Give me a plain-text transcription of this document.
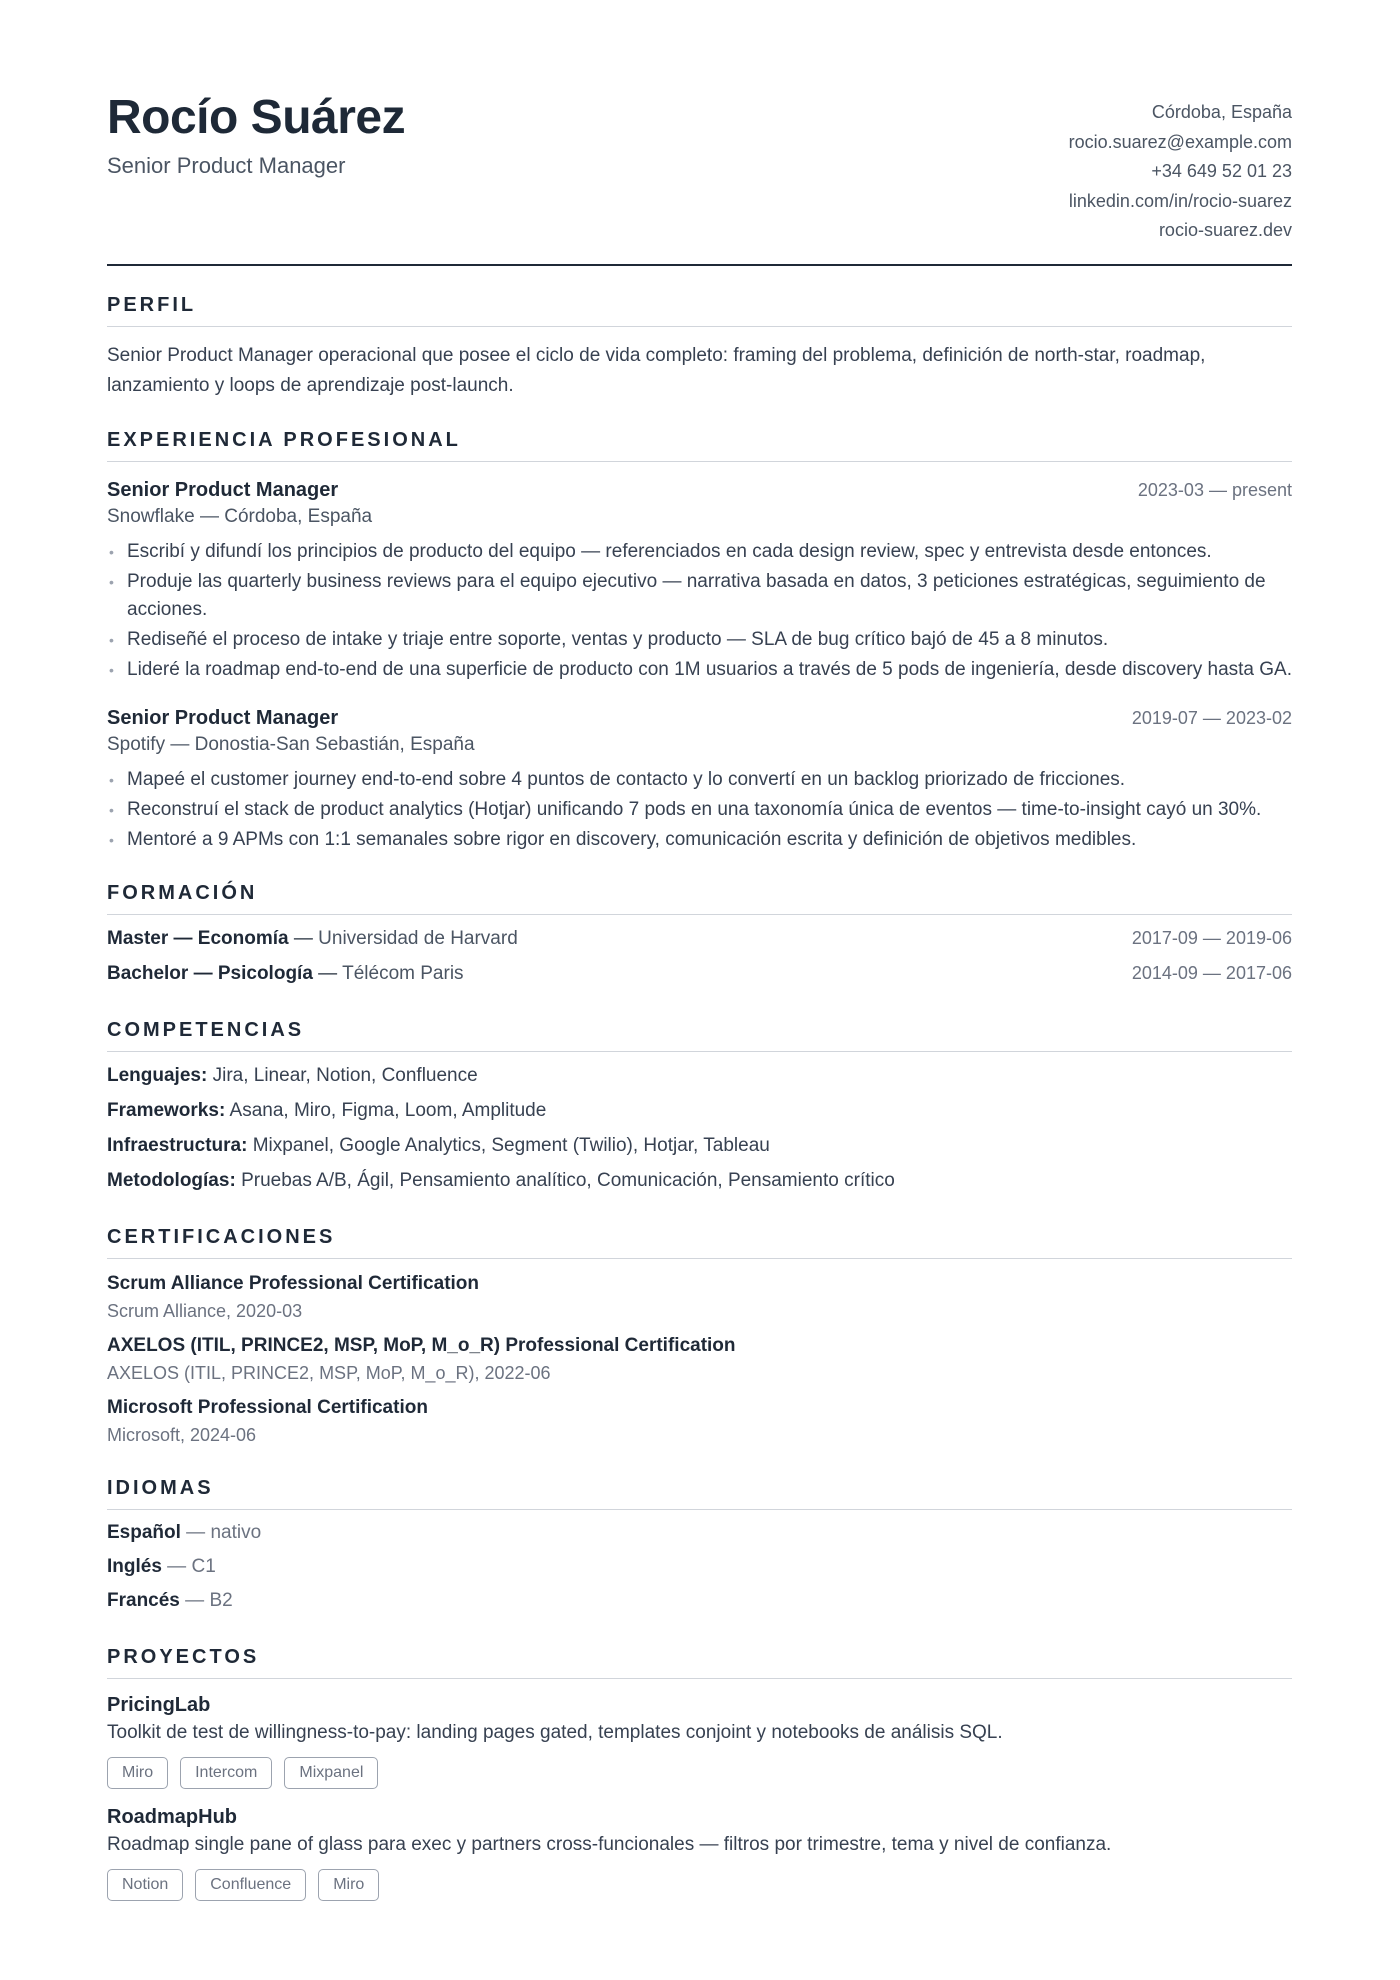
Rocío Suárez
Senior Product Manager
Córdoba, España
rocio.suarez@example.com
+34 649 52 01 23
linkedin.com/in/rocio-suarez
rocio-suarez.dev
PERFIL

Senior Product Manager operacional que posee el ciclo de vida completo: framing del problema, definición de north-star, roadmap, lanzamiento y loops de aprendizaje post-launch.

EXPERIENCIA PROFESIONAL
Senior Product Manager	2023-03 — present
Snowflake — Córdoba, España
• Escribí y difundí los principios de producto del equipo — referenciados en cada design review, spec y entrevista desde entonces.
• Produje las quarterly business reviews para el equipo ejecutivo — narrativa basada en datos, 3 peticiones estratégicas, seguimiento de acciones.
• Rediseñé el proceso de intake y triaje entre soporte, ventas y producto — SLA de bug crítico bajó de 45 a 8 minutos.
• Lideré la roadmap end-to-end de una superficie de producto con 1M usuarios a través de 5 pods de ingeniería, desde discovery hasta GA.
Senior Product Manager	2019-07 — 2023-02
Spotify — Donostia-San Sebastián, España
• Mapeé el customer journey end-to-end sobre 4 puntos de contacto y lo convertí en un backlog priorizado de fricciones.
• Reconstruí el stack de product analytics (Hotjar) unificando 7 pods en una taxonomía única de eventos — time-to-insight cayó un 30%.
• Mentoré a 9 APMs con 1:1 semanales sobre rigor en discovery, comunicación escrita y definición de objetivos medibles.
FORMACIÓN
Master — Economía — Universidad de Harvard	2017-09 — 2019-06
Bachelor — Psicología — Télécom Paris	2014-09 — 2017-06
COMPETENCIAS
Lenguajes: Jira, Linear, Notion, Confluence
Frameworks: Asana, Miro, Figma, Loom, Amplitude
Infraestructura: Mixpanel, Google Analytics, Segment (Twilio), Hotjar, Tableau
Metodologías: Pruebas A/B, Ágil, Pensamiento analítico, Comunicación, Pensamiento crítico
CERTIFICACIONES
Scrum Alliance Professional Certification
Scrum Alliance, 2020-03
AXELOS (ITIL, PRINCE2, MSP, MoP, M_o_R) Professional Certification
AXELOS (ITIL, PRINCE2, MSP, MoP, M_o_R), 2022-06
Microsoft Professional Certification
Microsoft, 2024-06
IDIOMAS
Español — nativo
Inglés — C1
Francés — B2
PROYECTOS
PricingLab
Toolkit de test de willingness-to-pay: landing pages gated, templates conjoint y notebooks de análisis SQL.
Miro	Intercom	Mixpanel
RoadmapHub
Roadmap single pane of glass para exec y partners cross-funcionales — filtros por trimestre, tema y nivel de confianza.
Notion	Confluence	Miro
